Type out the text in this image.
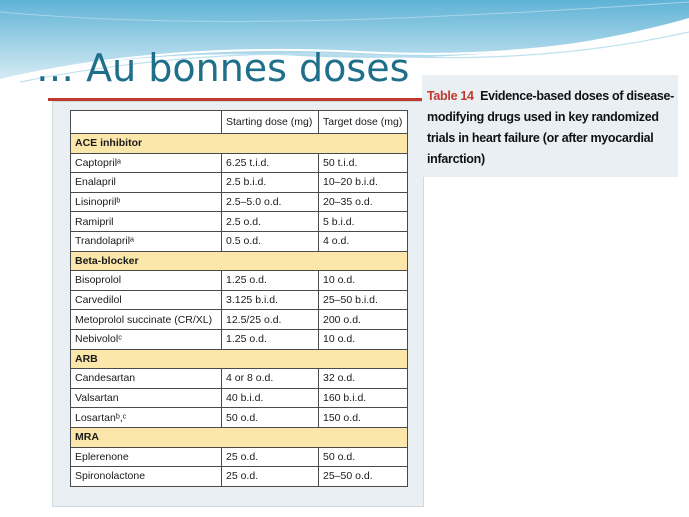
… Au bonnes doses
	Starting dose (mg)	Target dose (mg)
ACE inhibitor		
Captoprilᵃ	6.25 t.i.d.	50 t.i.d.
Enalapril	2.5 b.i.d.	10–20 b.i.d.
Lisinoprilᵇ	2.5–5.0 o.d.	20–35 o.d.
Ramipril	2.5 o.d.	5 b.i.d.
Trandolaprilᵃ	0.5 o.d.	4 o.d.
Beta-blocker		
Bisoprolol	1.25 o.d.	10 o.d.
Carvedilol	3.125 b.i.d.	25–50 b.i.d.
Metoprolol succinate (CR/XL)	12.5/25 o.d.	200 o.d.
Nebivololᶜ	1.25 o.d.	10 o.d.
ARB		
Candesartan	4 or 8 o.d.	32 o.d.
Valsartan	40 b.i.d.	160 b.i.d.
Losartanᵇ,ᶜ	50 o.d.	150 o.d.
MRA		
Eplerenone	25 o.d.	50 o.d.
Spironolactone	25 o.d.	25–50 o.d.
Table 14 Evidence-based doses of disease-modifying drugs used in key randomized trials in heart failure (or after myocardial infarction)
